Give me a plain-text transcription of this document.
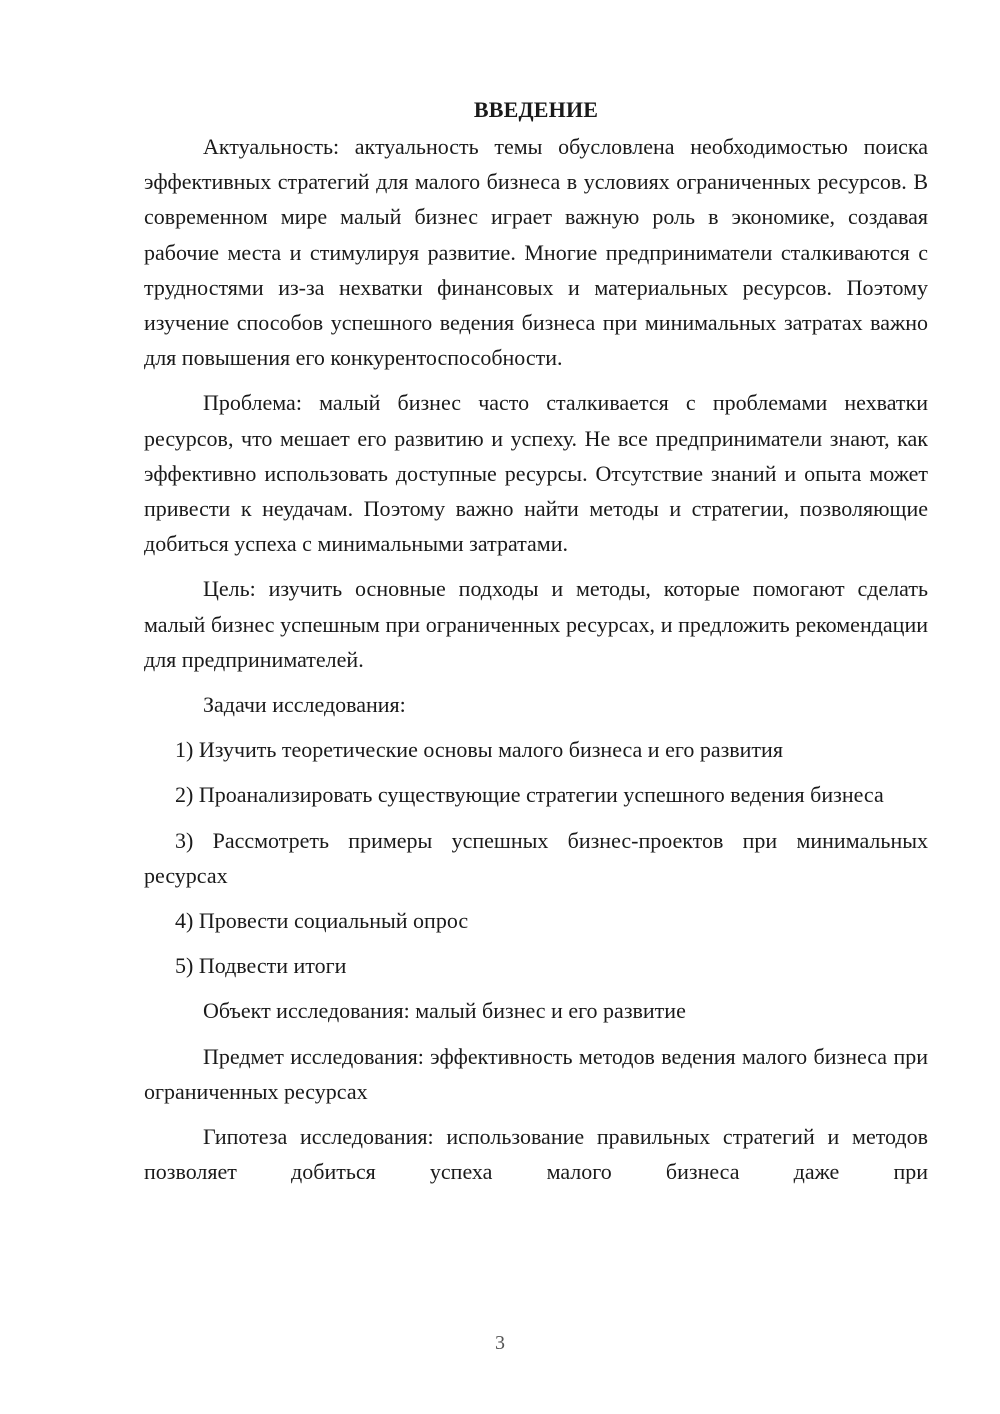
ВВЕДЕНИЕ

Актуальность: актуальность темы обусловлена необходимостью поиска эффективных стратегий для малого бизнеса в условиях ограниченных ресурсов. В современном мире малый бизнес играет важную роль в экономике, создавая рабочие места и стимулируя развитие. Многие предприниматели сталкиваются с трудностями из-за нехватки финансовых и материальных ресурсов. Поэтому изучение способов успешного ведения бизнеса при минимальных затратах важно для повышения его конкурентоспособности.

Проблема: малый бизнес часто сталкивается с проблемами нехватки ресурсов, что мешает его развитию и успеху. Не все предприниматели знают, как эффективно использовать доступные ресурсы. Отсутствие знаний и опыта может привести к неудачам. Поэтому важно найти методы и стратегии, позволяющие добиться успеха с минимальными затратами.

Цель: изучить основные подходы и методы, которые помогают сделать малый бизнес успешным при ограниченных ресурсах, и предложить рекомендации для предпринимателей.

Задачи исследования:

1) Изучить теоретические основы малого бизнеса и его развития

2) Проанализировать существующие стратегии успешного ведения бизнеса

3) Рассмотреть примеры успешных бизнес-проектов при минимальных ресурсах

4) Провести социальный опрос

5) Подвести итоги

Объект исследования: малый бизнес и его развитие

Предмет исследования: эффективность методов ведения малого бизнеса при ограниченных ресурсах

Гипотеза исследования: использование правильных стратегий и методов позволяет добиться успеха малого бизнеса даже при

3
